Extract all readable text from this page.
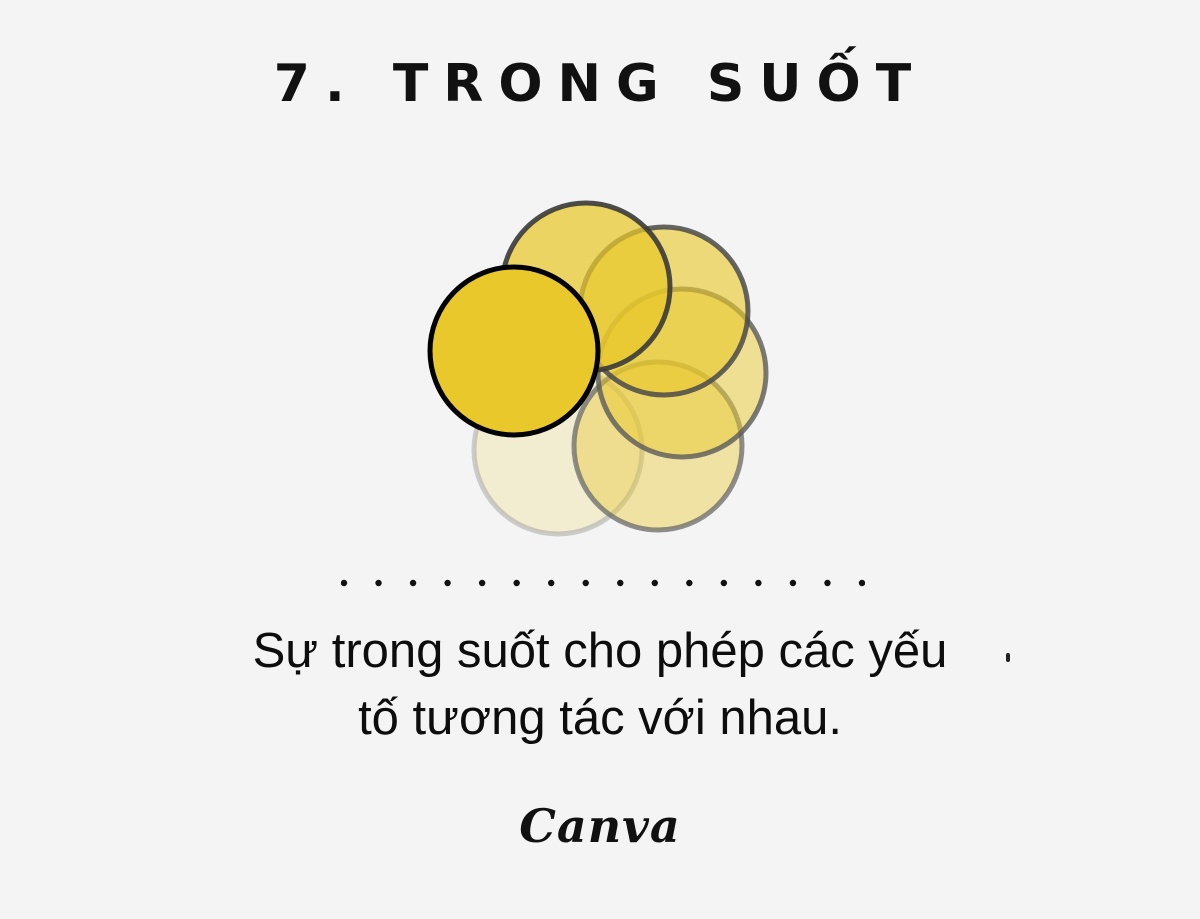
7. TRONG SUỐT
Sự trong suốt cho phép các yếu
tố tương tác với nhau.
Canva
